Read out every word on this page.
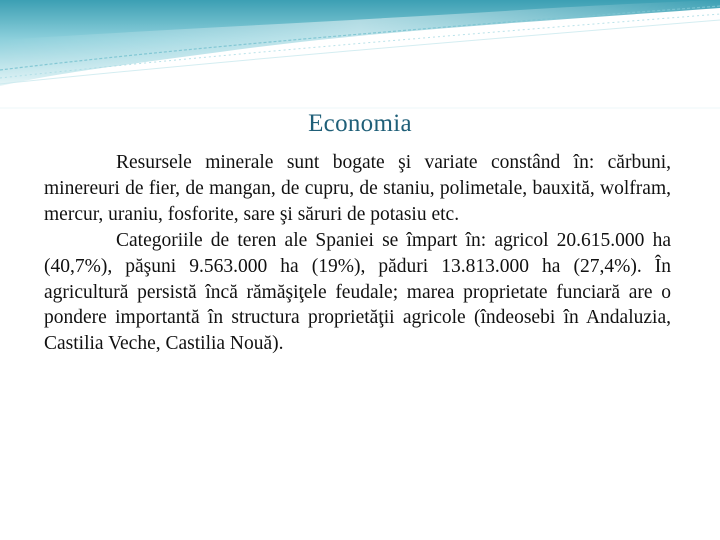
Economia

Resursele minerale sunt bogate şi variate constând în: cărbuni, minereuri de fier, de mangan, de cupru, de staniu, polimetale, bauxită, wolfram, mercur, uraniu, fosforite, sare şi săruri de potasiu etc.

Categoriile de teren ale Spaniei se împart în: agricol 20.615.000 ha (40,7%), păşuni 9.563.000 ha (19%), păduri 13.813.000 ha (27,4%). În agricultură persistă încă rămăşiţele feudale; marea proprietate funciară are o pondere importantă în structura proprietăţii agricole (îndeosebi în Andaluzia, Castilia Veche, Castilia Nouă).
